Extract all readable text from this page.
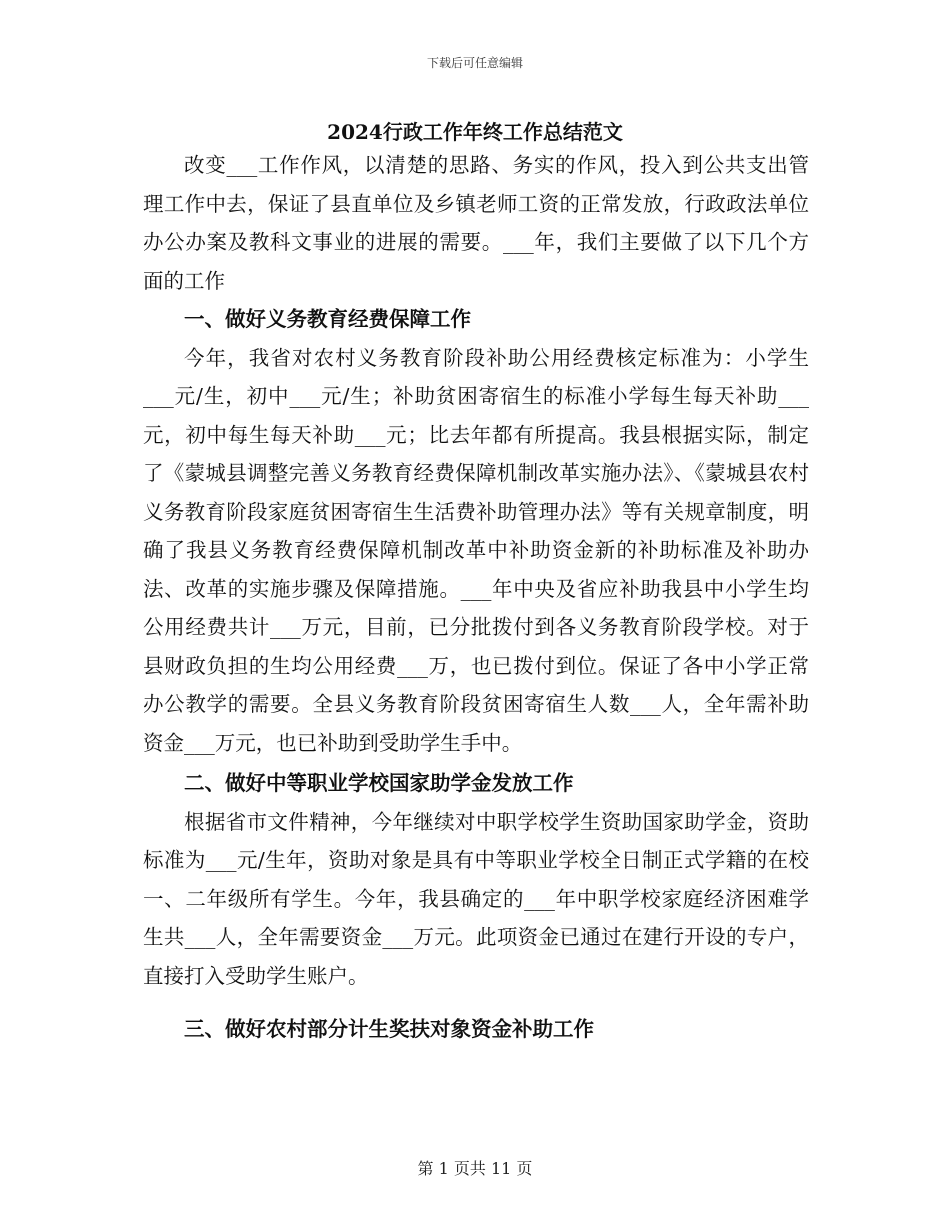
下载后可任意编辑
2024行政工作年终工作总结范文

改变___工作作风，以清楚的思路、务实的作风，投入到公共支出管理工作中去，保证了县直单位及乡镇老师工资的正常发放，行政政法单位办公办案及教科文事业的进展的需要。___年，我们主要做了以下几个方面的工作

一、做好义务教育经费保障工作

今年，我省对农村义务教育阶段补助公用经费核定标准为：小学生___元/生，初中___元/生；补助贫困寄宿生的标准小学每生每天补助___元，初中每生每天补助___元；比去年都有所提高。我县根据实际，制定了《蒙城县调整完善义务教育经费保障机制改革实施办法》、《蒙城县农村义务教育阶段家庭贫困寄宿生生活费补助管理办法》等有关规章制度，明确了我县义务教育经费保障机制改革中补助资金新的补助标准及补助办法、改革的实施步骤及保障措施。___年中央及省应补助我县中小学生均公用经费共计___万元，目前，已分批拨付到各义务教育阶段学校。对于县财政负担的生均公用经费___万，也已拨付到位。保证了各中小学正常办公教学的需要。全县义务教育阶段贫困寄宿生人数___人，全年需补助资金___万元，也已补助到受助学生手中。

二、做好中等职业学校国家助学金发放工作

根据省市文件精神，今年继续对中职学校学生资助国家助学金，资助标准为___元/生年，资助对象是具有中等职业学校全日制正式学籍的在校一、二年级所有学生。今年，我县确定的___年中职学校家庭经济困难学生共___人，全年需要资金___万元。此项资金已通过在建行开设的专户，直接打入受助学生账户。

三、做好农村部分计生奖扶对象资金补助工作
第 1 页共 11 页
